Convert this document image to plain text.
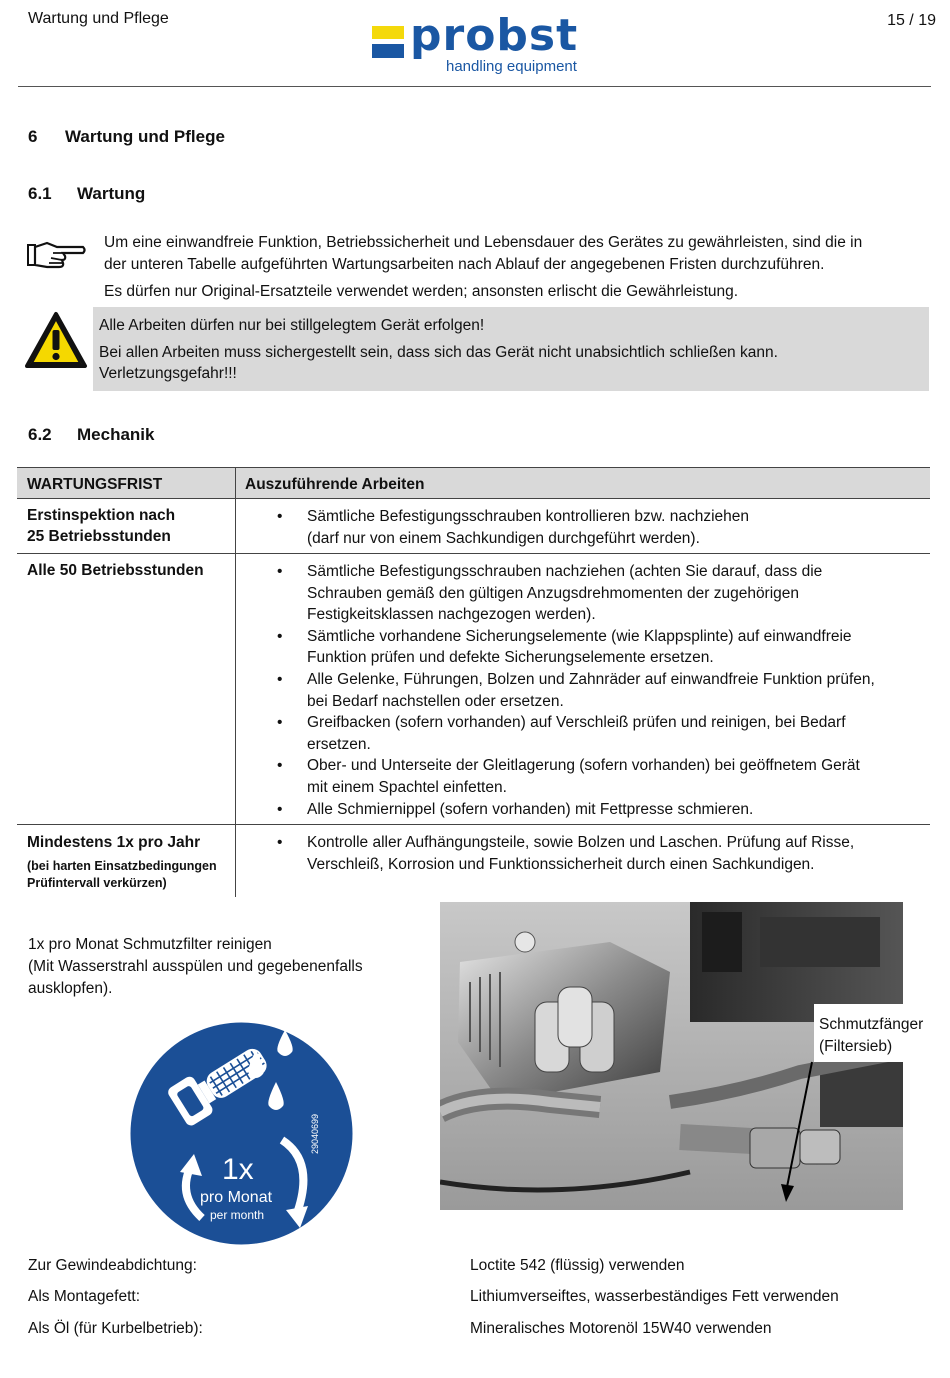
Wartung und Pflege	15 / 19
probst
handling equipment
6 Wartung und Pflege
6.1 Wartung
Um eine einwandfreie Funktion, Betriebssicherheit und Lebensdauer des Gerätes zu gewährleisten, sind die in
der unteren Tabelle aufgeführten Wartungsarbeiten nach Ablauf der angegebenen Fristen durchzuführen.
Es dürfen nur Original-Ersatzteile verwendet werden; ansonsten erlischt die Gewährleistung.
Alle Arbeiten dürfen nur bei stillgelegtem Gerät erfolgen!
Bei allen Arbeiten muss sichergestellt sein, dass sich das Gerät nicht unabsichtlich schließen kann.
Verletzungsgefahr!!!
6.2 Mechanik
WARTUNGSFRIST	Auszuführende Arbeiten
Erstinspektion nach
25 Betriebsstunden
• Sämtliche Befestigungsschrauben kontrollieren bzw. nachziehen
(darf nur von einem Sachkundigen durchgeführt werden).
Alle 50 Betriebsstunden
•	Sämtliche Befestigungsschrauben nachziehen (achten Sie darauf, dass die
Schrauben gemäß den gültigen Anzugsdrehmomenten der zugehörigen
Festigkeitsklassen nachgezogen werden).
• Sämtliche vorhandene Sicherungselemente (wie Klappsplinte) auf einwandfreie
Funktion prüfen und defekte Sicherungselemente ersetzen.
• Alle Gelenke, Führungen, Bolzen und Zahnräder auf einwandfreie Funktion prüfen,
bei Bedarf nachstellen oder ersetzen.
• Greifbacken (sofern vorhanden) auf Verschleiß prüfen und reinigen, bei Bedarf
ersetzen.
• Ober- und Unterseite der Gleitlagerung (sofern vorhanden) bei geöffnetem Gerät
mit einem Spachtel einfetten.
• Alle Schmiernippel (sofern vorhanden) mit Fettpresse schmieren.
Mindestens 1x pro Jahr
(bei harten Einsatzbedingungen
Prüfintervall verkürzen)
• Kontrolle aller Aufhängungsteile, sowie Bolzen und Laschen. Prüfung auf Risse,
Verschleiß, Korrosion und Funktionssicherheit durch einen Sachkundigen.
1x pro Monat Schmutzfilter reinigen
(Mit Wasserstrahl ausspülen und gegebenenfalls
ausklopfen).
1x
pro Monat
per month
29040699
Schmutzfänger
(Filtersieb)
Zur Gewindeabdichtung:	Loctite 542 (flüssig) verwenden
Als Montagefett:	Lithiumverseiftes, wasserbeständiges Fett verwenden
Als Öl (für Kurbelbetrieb):	Mineralisches Motorenöl 15W40 verwenden
